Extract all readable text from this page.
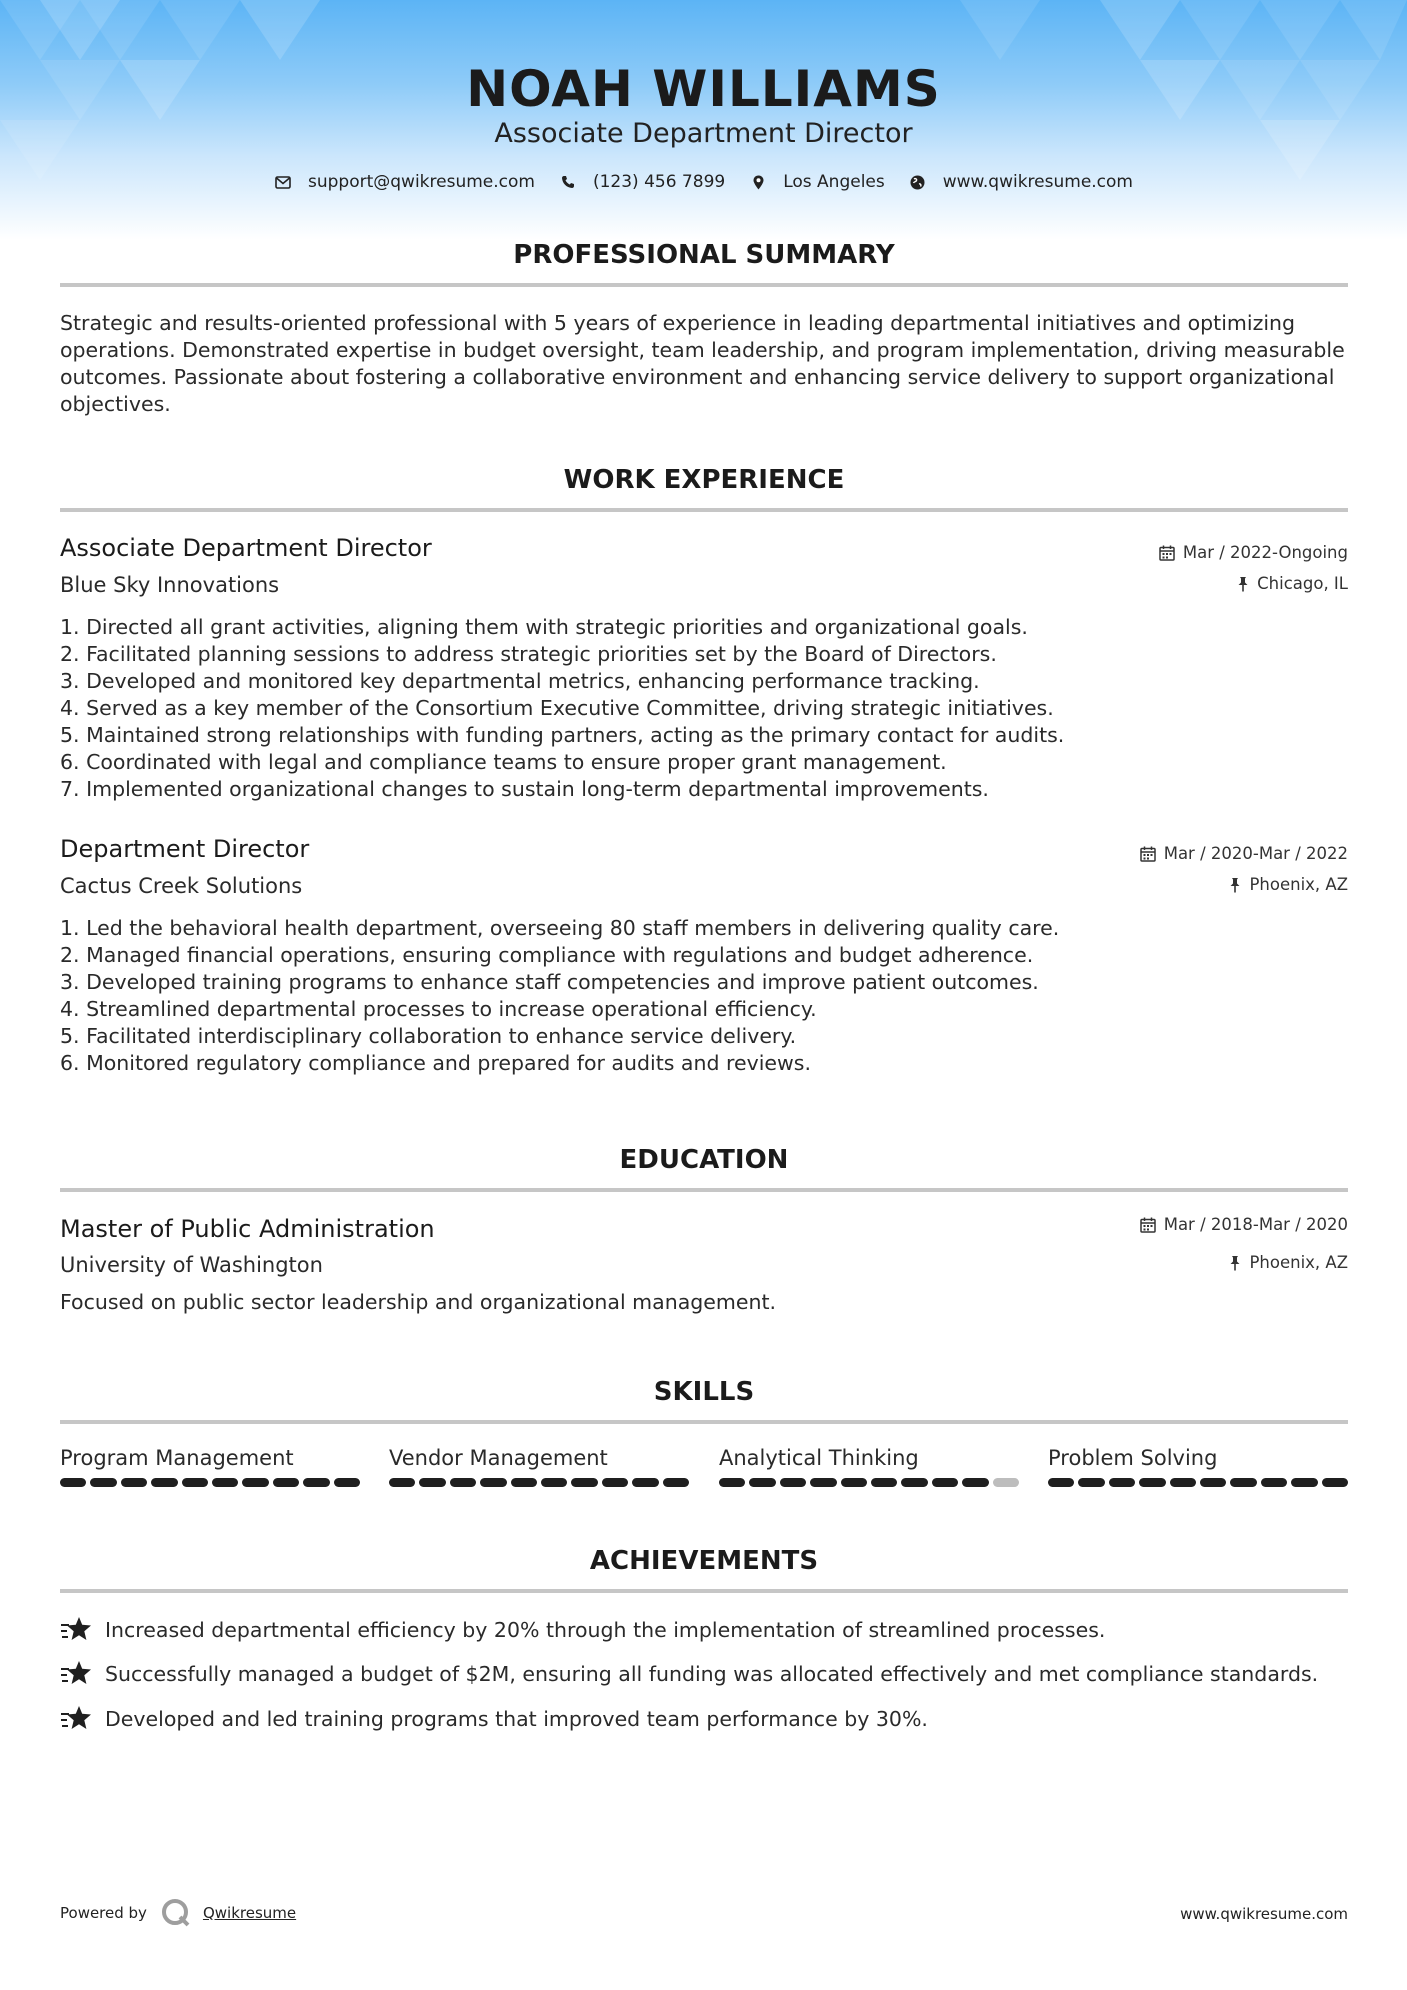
NOAH WILLIAMS
Associate Department Director
support@qwikresume.com	(123) 456 7899	Los Angeles	www.qwikresume.com
PROFESSIONAL SUMMARY
Strategic and results-oriented professional with 5 years of experience in leading departmental initiatives and optimizing operations. Demonstrated expertise in budget oversight, team leadership, and program implementation, driving measurable outcomes. Passionate about fostering a collaborative environment and enhancing service delivery to support organizational objectives.
WORK EXPERIENCE
Associate Department Director
Blue Sky Innovations
Mar / 2022-Ongoing
Chicago, IL
1. Directed all grant activities, aligning them with strategic priorities and organizational goals.
2. Facilitated planning sessions to address strategic priorities set by the Board of Directors.
3. Developed and monitored key departmental metrics, enhancing performance tracking.
4. Served as a key member of the Consortium Executive Committee, driving strategic initiatives.
5. Maintained strong relationships with funding partners, acting as the primary contact for audits.
6. Coordinated with legal and compliance teams to ensure proper grant management.
7. Implemented organizational changes to sustain long-term departmental improvements.
Department Director
Cactus Creek Solutions
Mar / 2020-Mar / 2022
Phoenix, AZ
1. Led the behavioral health department, overseeing 80 staff members in delivering quality care.
2. Managed financial operations, ensuring compliance with regulations and budget adherence.
3. Developed training programs to enhance staff competencies and improve patient outcomes.
4. Streamlined departmental processes to increase operational efficiency.
5. Facilitated interdisciplinary collaboration to enhance service delivery.
6. Monitored regulatory compliance and prepared for audits and reviews.
EDUCATION
Master of Public Administration
University of Washington
Mar / 2018-Mar / 2020
Phoenix, AZ
Focused on public sector leadership and organizational management.
SKILLS
Program Management	Vendor Management	Analytical Thinking	Problem Solving
ACHIEVEMENTS
Increased departmental efficiency by 20% through the implementation of streamlined processes.
Successfully managed a budget of $2M, ensuring all funding was allocated effectively and met compliance standards.
Developed and led training programs that improved team performance by 30%.
Powered by	Qwikresume	www.qwikresume.com
